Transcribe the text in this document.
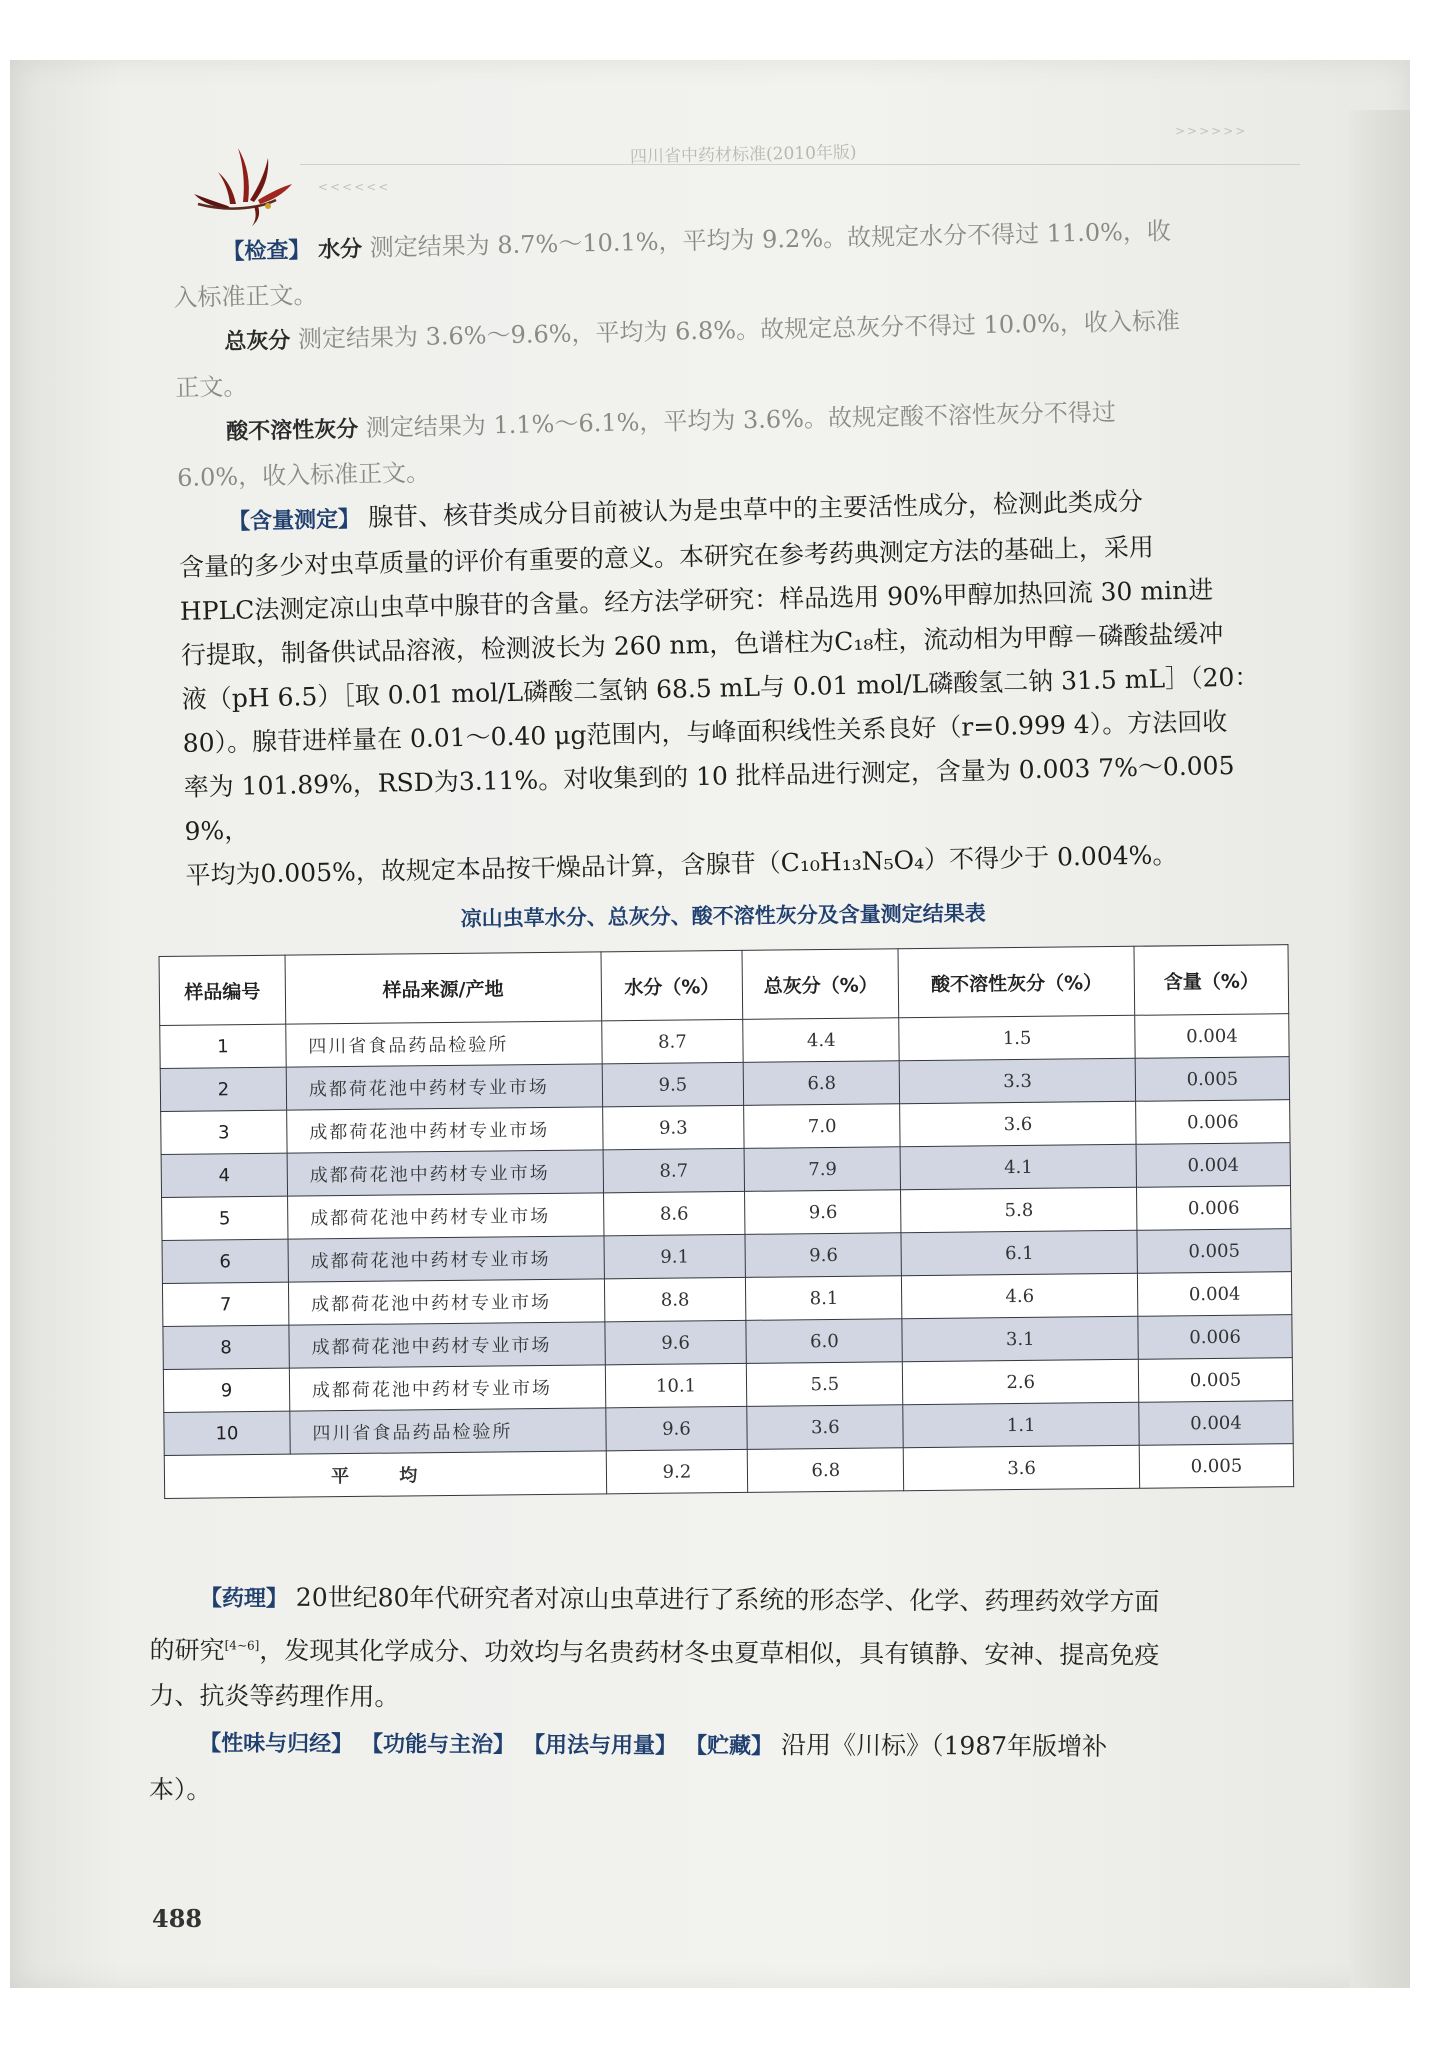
<<<<<<
四川省中药材标准(2010年版)
>>>>>>

【检查】 水分 测定结果为 8.7%～10.1%，平均为 9.2%。故规定水分不得过 11.0%，收

入标准正文。

总灰分 测定结果为 3.6%～9.6%，平均为 6.8%。故规定总灰分不得过 10.0%，收入标准

正文。

酸不溶性灰分 测定结果为 1.1%～6.1%，平均为 3.6%。故规定酸不溶性灰分不得过

6.0%，收入标准正文。

【含量测定】 腺苷、核苷类成分目前被认为是虫草中的主要活性成分，检测此类成分

含量的多少对虫草质量的评价有重要的意义。本研究在参考药典测定方法的基础上，采用

HPLC法测定凉山虫草中腺苷的含量。经方法学研究：样品选用 90%甲醇加热回流 30 min进

行提取，制备供试品溶液，检测波长为 260 nm，色谱柱为C₁₈柱，流动相为甲醇－磷酸盐缓冲

液（pH 6.5）［取 0.01 mol/L磷酸二氢钠 68.5 mL与 0.01 mol/L磷酸氢二钠 31.5 mL］（20：

80）。腺苷进样量在 0.01～0.40 μg范围内，与峰面积线性关系良好（r=0.999 4）。方法回收

率为 101.89%，RSD为3.11%。对收集到的 10 批样品进行测定，含量为 0.003 7%～0.005 9%，

平均为0.005%，故规定本品按干燥品计算，含腺苷（C₁₀H₁₃N₅O₄）不得少于 0.004%。

凉山虫草水分、总灰分、酸不溶性灰分及含量测定结果表

样品编号	样品来源/产地	水分（%）	总灰分（%）	酸不溶性灰分（%）	含量（%）
1	四川省食品药品检验所	8.7	4.4	1.5	0.004
2	成都荷花池中药材专业市场	9.5	6.8	3.3	0.005
3	成都荷花池中药材专业市场	9.3	7.0	3.6	0.006
4	成都荷花池中药材专业市场	8.7	7.9	4.1	0.004
5	成都荷花池中药材专业市场	8.6	9.6	5.8	0.006
6	成都荷花池中药材专业市场	9.1	9.6	6.1	0.005
7	成都荷花池中药材专业市场	8.8	8.1	4.6	0.004
8	成都荷花池中药材专业市场	9.6	6.0	3.1	0.006
9	成都荷花池中药材专业市场	10.1	5.5	2.6	0.005
10	四川省食品药品检验所	9.6	3.6	1.1	0.004
平 均		9.2	6.8	3.6	0.005

【药理】 20世纪80年代研究者对凉山虫草进行了系统的形态学、化学、药理药效学方面

的研究[4~6]，发现其化学成分、功效均与名贵药材冬虫夏草相似，具有镇静、安神、提高免疫

力、抗炎等药理作用。

【性味与归经】 【功能与主治】 【用法与用量】 【贮藏】 沿用《川标》（1987年版增补

本）。

488
